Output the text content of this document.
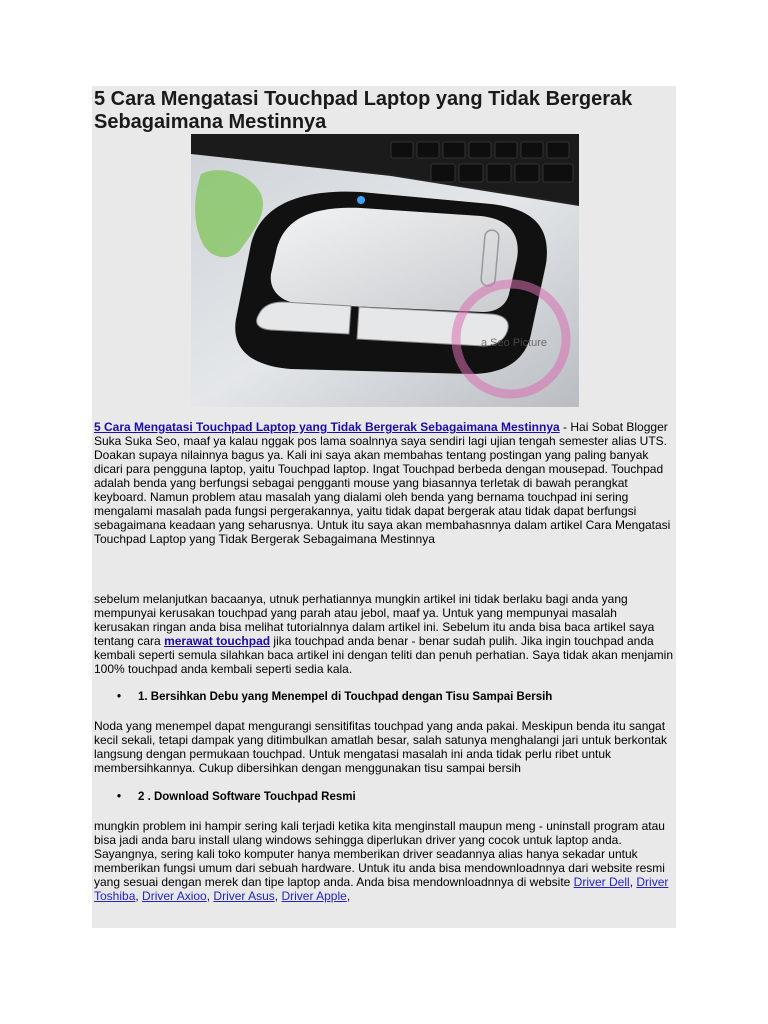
5 Cara Mengatasi Touchpad Laptop yang Tidak Bergerak Sebagaimana Mestinnya
a Seo Picture

5 Cara Mengatasi Touchpad Laptop yang Tidak Bergerak Sebagaimana Mestinnya - Hai Sobat Blogger Suka Suka Seo, maaf ya kalau nggak pos lama soalnnya saya sendiri lagi ujian tengah semester alias UTS. Doakan supaya nilainnya bagus ya. Kali ini saya akan membahas tentang postingan yang paling banyak dicari para pengguna laptop, yaitu Touchpad laptop. Ingat Touchpad berbeda dengan mousepad. Touchpad adalah benda yang berfungsi sebagai pengganti mouse yang biasannya terletak di bawah perangkat keyboard. Namun problem atau masalah yang dialami oleh benda yang bernama touchpad ini sering mengalami masalah pada fungsi pergerakannya, yaitu tidak dapat bergerak atau tidak dapat berfungsi sebagaimana keadaan yang seharusnya. Untuk itu saya akan membahasnnya dalam artikel Cara Mengatasi Touchpad Laptop yang Tidak Bergerak Sebagaimana Mestinnya

sebelum melanjutkan bacaanya, utnuk perhatiannya mungkin artikel ini tidak berlaku bagi anda yang mempunyai kerusakan touchpad yang parah atau jebol, maaf ya. Untuk yang mempunyai masalah kerusakan ringan anda bisa melihat tutorialnnya dalam artikel ini. Sebelum itu anda bisa baca artikel saya tentang cara merawat touchpad jika touchpad anda benar - benar sudah pulih. Jika ingin touchpad anda kembali seperti semula silahkan baca artikel ini dengan teliti dan penuh perhatian. Saya tidak akan menjamin 100% touchpad anda kembali seperti sedia kala.

• 1. Bersihkan Debu yang Menempel di Touchpad dengan Tisu Sampai Bersih

Noda yang menempel dapat mengurangi sensitifitas touchpad yang anda pakai. Meskipun benda itu sangat kecil sekali, tetapi dampak yang ditimbulkan amatlah besar, salah satunya menghalangi jari untuk berkontak langsung dengan permukaan touchpad. Untuk mengatasi masalah ini anda tidak perlu ribet untuk membersihkannya. Cukup dibersihkan dengan menggunakan tisu sampai bersih

• 2 . Download Software Touchpad Resmi

mungkin problem ini hampir sering kali terjadi ketika kita menginstall maupun meng - uninstall program atau bisa jadi anda baru install ulang windows sehingga diperlukan driver yang cocok untuk laptop anda. Sayangnya, sering kali toko komputer hanya memberikan driver seadannya alias hanya sekadar untuk memberikan fungsi umum dari sebuah hardware. Untuk itu anda bisa mendownloadnnya dari website resmi yang sesuai dengan merek dan tipe laptop anda. Anda bisa mendownloadnnya di website Driver Dell, Driver Toshiba, Driver Axioo, Driver Asus, Driver Apple,
